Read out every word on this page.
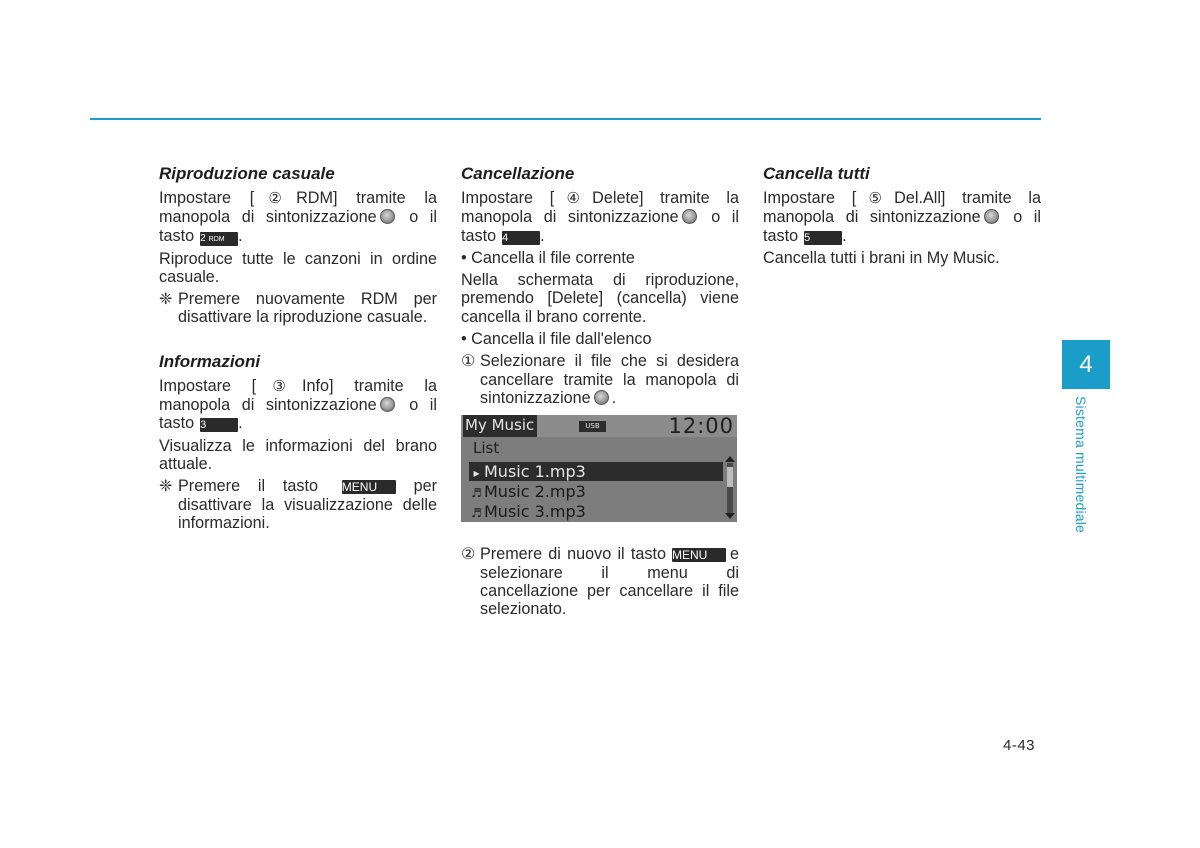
Riproduzione casuale
Impostare [②RDM] tramite la
manopola di sintonizzazione o il
tasto 2 RDM .
Riproduce tutte le canzoni in ordine casuale.
❈ Premere nuovamente RDM per disattivare la riproduzione casuale.
Informazioni
Impostare [③Info] tramite la
manopola di sintonizzazione o il
tasto 3 .
Visualizza le informazioni del brano attuale.
❈ Premere il tasto MENU per
disattivare la visualizzazione delle informazioni.
Cancellazione
Impostare [④Delete] tramite la
manopola di sintonizzazione o il
tasto 4 .
• Cancella il file corrente
Nella schermata di riproduzione, premendo [Delete] (cancella) viene cancella il brano corrente.
• Cancella il file dall'elenco
① Selezionare il file che si desidera cancellare tramite la manopola di sintonizzazione .
My Music	USB	12:00
List
▸ Music 1.mp3
♬ Music 2.mp3
♬ Music 3.mp3
② Premere di nuovo il tasto MENU e
selezionare il menu di cancellazione per cancellare il file selezionato.
Cancella tutti
Impostare [⑤Del.All] tramite la
manopola di sintonizzazione o il
tasto 5 .
Cancella tutti i brani in My Music.
4
Sistema multimediale
4-43
